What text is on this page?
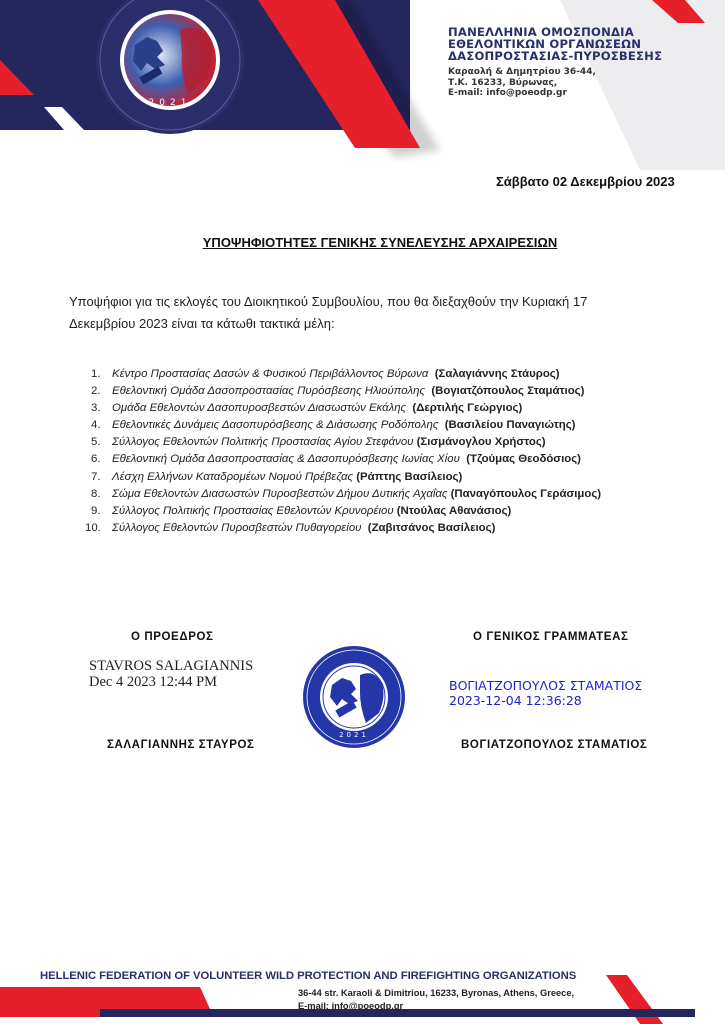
2021
ΠΑΝΕΛΛΗΝΙΑ ΟΜΟΣΠΟΝΔΙΑ
ΕΘΕΛΟΝΤΙΚΩΝ ΟΡΓΑΝΩΣΕΩΝ
ΔΑΣΟΠΡΟΣΤΑΣΙΑΣ-ΠΥΡΟΣΒΕΣΗΣ
Καραολή & Δημητρίου 36-44,
Τ.Κ. 16233, Βύρωνας,
E-mail: info@poeodp.gr
Σάββατο 02 Δεκεμβρίου 2023
ΥΠΟΨΗΦΙΟΤΗΤΕΣ ΓΕΝΙΚΗΣ ΣΥΝΕΛΕΥΣΗΣ ΑΡΧΑΙΡΕΣΙΩΝ
Υποψήφιοι για τις εκλογές του Διοικητικού Συμβουλίου, που θα διεξαχθούν την Κυριακή 17 Δεκεμβρίου 2023 είναι τα κάτωθι τακτικά μέλη:
1. Κέντρο Προστασίας Δασών & Φυσικού Περιβάλλοντος Βύρωνα (Σαλαγιάννης Στάυρος)
2. Εθελοντική Ομάδα Δασοπροστασίας Πυρόσβεσης Ηλιούπολης (Βογιατζόπουλος Σταμάτιος)
3. Ομάδα Εθελοντών Δασοπυροσβεστών Διασωστών Εκάλης (Δερτιλής Γεώργιος)
4. Εθελοντικές Δυνάμεις Δασοπυρόσβεσης & Διάσωσης Ροδόπολης (Βασιλείου Παναγιώτης)
5. Σύλλογος Εθελοντών Πολιτικής Προστασίας Αγίου Στεφάνου (Σισμάνογλου Χρήστος)
6. Εθελοντική Ομάδα Δασοπροστασίας & Δασοπυρόσβεσης Ιωνίας Χίου (Τζούμας Θεοδόσιος)
7. Λέσχη Ελλήνων Καταδρομέων Νομού Πρέβεζας (Ράπτης Βασίλειος)
8. Σώμα Εθελοντών Διασωστών Πυροσβεστών Δήμου Δυτικής Αχαΐας (Παναγόπουλος Γεράσιμος)
9. Σύλλογος Πολιτικής Προστασίας Εθελοντών Κρυνορέιου (Ντούλας Αθανάσιος)
10. Σύλλογος Εθελοντών Πυροσβεστών Πυθαγορείου (Ζαβιτσάνος Βασίλειος)
Ο ΠΡΟΕΔΡΟΣ
STAVROS SALAGIANNIS
Dec 4 2023 12:44 PM
ΣΑΛΑΓΙΑΝΝΗΣ ΣΤΑΥΡΟΣ
2021
Ο ΓΕΝΙΚΟΣ ΓΡΑΜΜΑΤΕΑΣ
ΒΟΓΙΑΤΖΟΠΟΥΛΟΣ ΣΤΑΜΑΤΙΟΣ
2023-12-04 12:36:28
ΒΟΓΙΑΤΖΟΠΟΥΛΟΣ ΣΤΑΜΑΤΙΟΣ
HELLENIC FEDERATION OF VOLUNTEER WILD PROTECTION AND FIREFIGHTING ORGANIZATIONS
36-44 str. Karaoli & Dimitriou, 16233, Byronas, Athens, Greece,
E-mail: info@poeodp.gr
